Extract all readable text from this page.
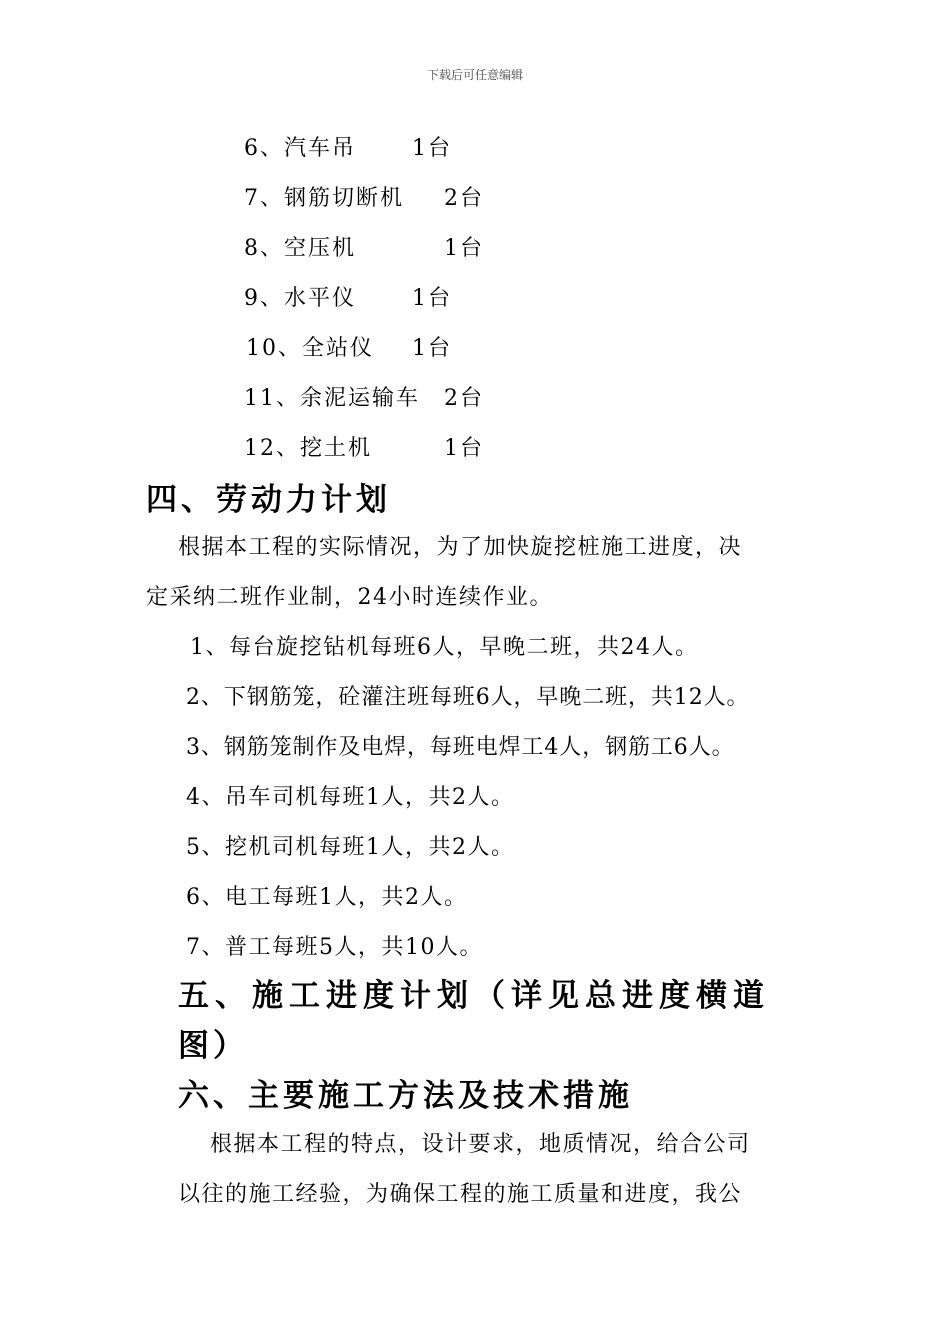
下载后可任意编辑
6、汽车吊	1台
7、钢筋切断机 2台
8、空压机	1台
9、水平仪	1台
10、全站仪 1台
11、余泥运输车 2台
12、挖土机	1台
四、劳动力计划
根据本工程的实际情况，为了加快旋挖桩施工进度，决
定采纳二班作业制，24小时连续作业。
1、每台旋挖钻机每班6人，早晚二班，共24人。
2、下钢筋笼，砼灌注班每班6人，早晚二班，共12人。
3、钢筋笼制作及电焊，每班电焊工4人，钢筋工6人。
4、吊车司机每班1人，共2人。
5、挖机司机每班1人，共2人。
6、电工每班1人，共2人。
7、普工每班5人，共10人。
五、施工进度计划（详见总进度横道
图）
六、主要施工方法及技术措施
根据本工程的特点，设计要求，地质情况，给合公司
以往的施工经验，为确保工程的施工质量和进度，我公
